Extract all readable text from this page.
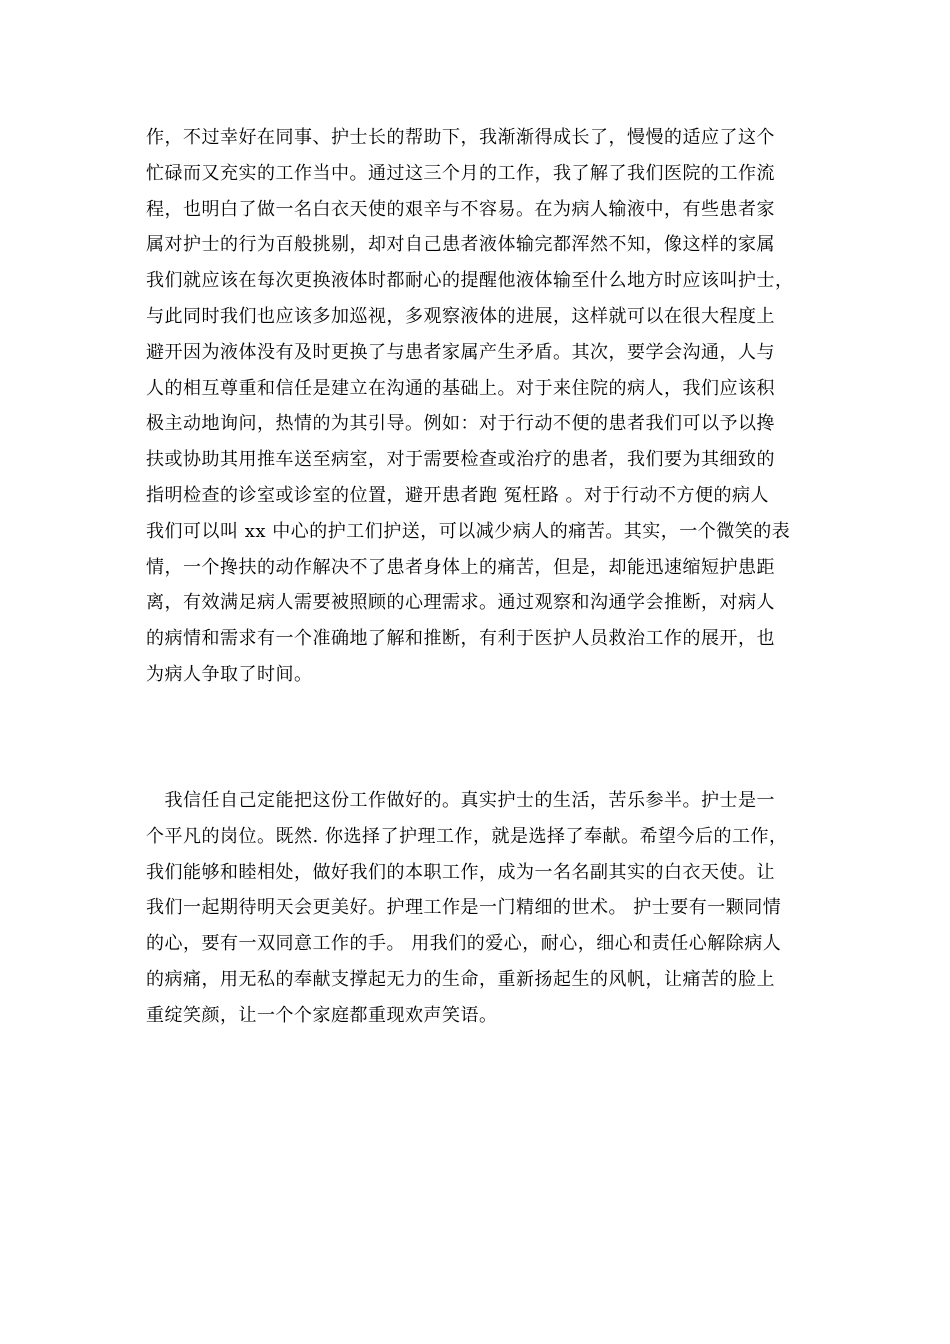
作，不过幸好在同事、护士长的帮助下，我渐渐得成长了，慢慢的适应了这个
忙碌而又充实的工作当中。通过这三个月的工作，我了解了我们医院的工作流
程，也明白了做一名白衣天使的艰辛与不容易。在为病人输液中，有些患者家
属对护士的行为百般挑剔，却对自己患者液体输完都浑然不知，像这样的家属
我们就应该在每次更换液体时都耐心的提醒他液体输至什么地方时应该叫护士，
与此同时我们也应该多加巡视，多观察液体的进展，这样就可以在很大程度上
避开因为液体没有及时更换了与患者家属产生矛盾。其次，要学会沟通，人与
人的相互尊重和信任是建立在沟通的基础上。对于来住院的病人，我们应该积
极主动地询问，热情的为其引导。例如：对于行动不便的患者我们可以予以搀
扶或协助其用推车送至病室，对于需要检查或治疗的患者，我们要为其细致的
指明检查的诊室或诊室的位置，避开患者跑 冤枉路 。对于行动不方便的病人
我们可以叫 xx 中心的护工们护送，可以减少病人的痛苦。其实，一个微笑的表
情，一个搀扶的动作解决不了患者身体上的痛苦，但是，却能迅速缩短护患距
离，有效满足病人需要被照顾的心理需求。通过观察和沟通学会推断，对病人
的病情和需求有一个准确地了解和推断，有利于医护人员救治工作的展开，也
为病人争取了时间。

　我信任自己定能把这份工作做好的。真实护士的生活，苦乐参半。护士是一
个平凡的岗位。既然. 你选择了护理工作，就是选择了奉献。希望今后的工作，
我们能够和睦相处，做好我们的本职工作，成为一名名副其实的白衣天使。让
我们一起期待明天会更美好。护理工作是一门精细的世术。 护士要有一颗同情
的心，要有一双同意工作的手。 用我们的爱心，耐心，细心和责任心解除病人
的病痛，用无私的奉献支撑起无力的生命，重新扬起生的风帆，让痛苦的脸上
重绽笑颜，让一个个家庭都重现欢声笑语。
